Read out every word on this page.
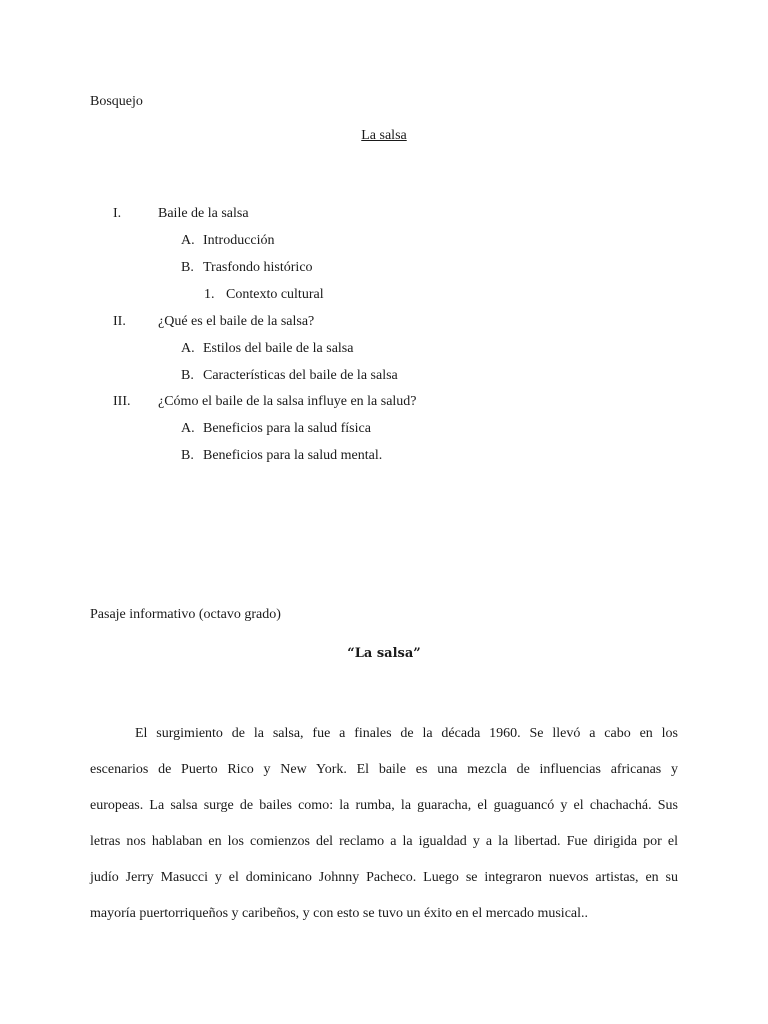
Bosquejo
La salsa
I.	Baile de la salsa
A. Introducción
B. Trasfondo histórico
1. Contexto cultural
II. ¿Qué es el baile de la salsa?
A. Estilos del baile de la salsa
B. Características del baile de la salsa
III. ¿Cómo el baile de la salsa influye en la salud?
A. Beneficios para la salud física
B. Beneficios para la salud mental.
Pasaje informativo (octavo grado)
“La salsa”
El surgimiento de la salsa, fue a finales de la década 1960. Se llevó a cabo en los
escenarios de Puerto Rico y New York. El baile es una mezcla de influencias africanas y
europeas. La salsa surge de bailes como: la rumba, la guaracha, el guaguancó y el chachachá. Sus
letras nos hablaban en los comienzos del reclamo a la igualdad y a la libertad. Fue dirigida por el
judío Jerry Masucci y el dominicano Johnny Pacheco. Luego se integraron nuevos artistas, en su
mayoría puertorriqueños y caribeños, y con esto se tuvo un éxito en el mercado musical..
